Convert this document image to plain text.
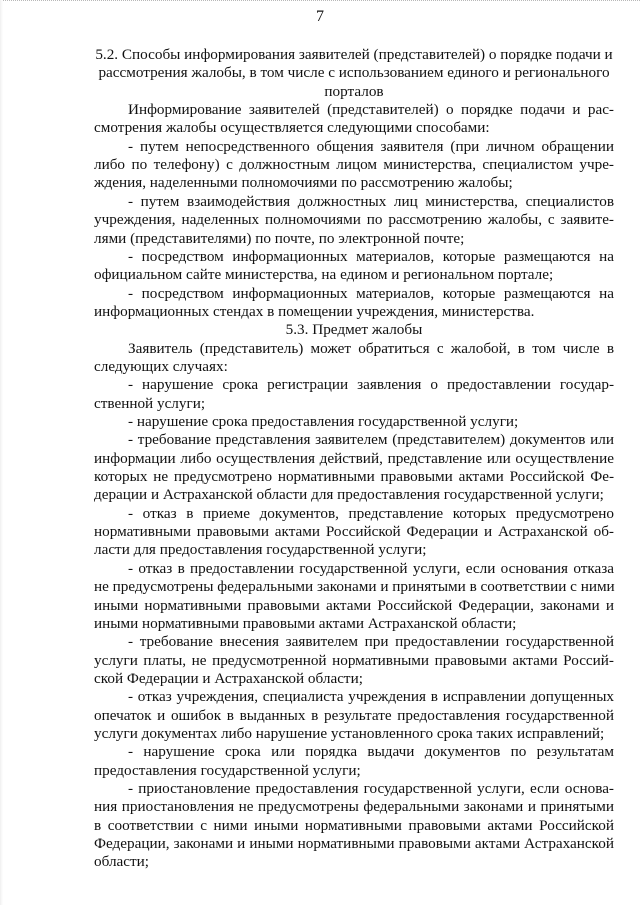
7
5.2. Способы информирования заявителей (представителей) о порядке подачи и
рассмотрения жалобы, в том числе с использованием единого и регионального
порталов
Информирование заявителей (представителей) о порядке подачи и рас-
смотрения жалобы осуществляется следующими способами:
- путем непосредственного общения заявителя (при личном обращении
либо по телефону) с должностным лицом министерства, специалистом учре-
ждения, наделенными полномочиями по рассмотрению жалобы;
- путем взаимодействия должностных лиц министерства, специалистов
учреждения, наделенных полномочиями по рассмотрению жалобы, с заявите-
лями (представителями) по почте, по электронной почте;
- посредством информационных материалов, которые размещаются на
официальном сайте министерства, на едином и региональном портале;
- посредством информационных материалов, которые размещаются на
информационных стендах в помещении учреждения, министерства.
5.3. Предмет жалобы
Заявитель (представитель) может обратиться с жалобой, в том числе в
следующих случаях:
- нарушение срока регистрации заявления о предоставлении государ-
ственной услуги;
- нарушение срока предоставления государственной услуги;
- требование представления заявителем (представителем) документов или
информации либо осуществления действий, представление или осуществление
которых не предусмотрено нормативными правовыми актами Российской Фе-
дерации и Астраханской области для предоставления государственной услуги;
- отказ в приеме документов, представление которых предусмотрено
нормативными правовыми актами Российской Федерации и Астраханской об-
ласти для предоставления государственной услуги;
- отказ в предоставлении государственной услуги, если основания отказа
не предусмотрены федеральными законами и принятыми в соответствии с ними
иными нормативными правовыми актами Российской Федерации, законами и
иными нормативными правовыми актами Астраханской области;
- требование внесения заявителем при предоставлении государственной
услуги платы, не предусмотренной нормативными правовыми актами Россий-
ской Федерации и Астраханской области;
- отказ учреждения, специалиста учреждения в исправлении допущенных
опечаток и ошибок в выданных в результате предоставления государственной
услуги документах либо нарушение установленного срока таких исправлений;
- нарушение срока или порядка выдачи документов по результатам
предоставления государственной услуги;
- приостановление предоставления государственной услуги, если основа-
ния приостановления не предусмотрены федеральными законами и принятыми
в соответствии с ними иными нормативными правовыми актами Российской
Федерации, законами и иными нормативными правовыми актами Астраханской
области;
